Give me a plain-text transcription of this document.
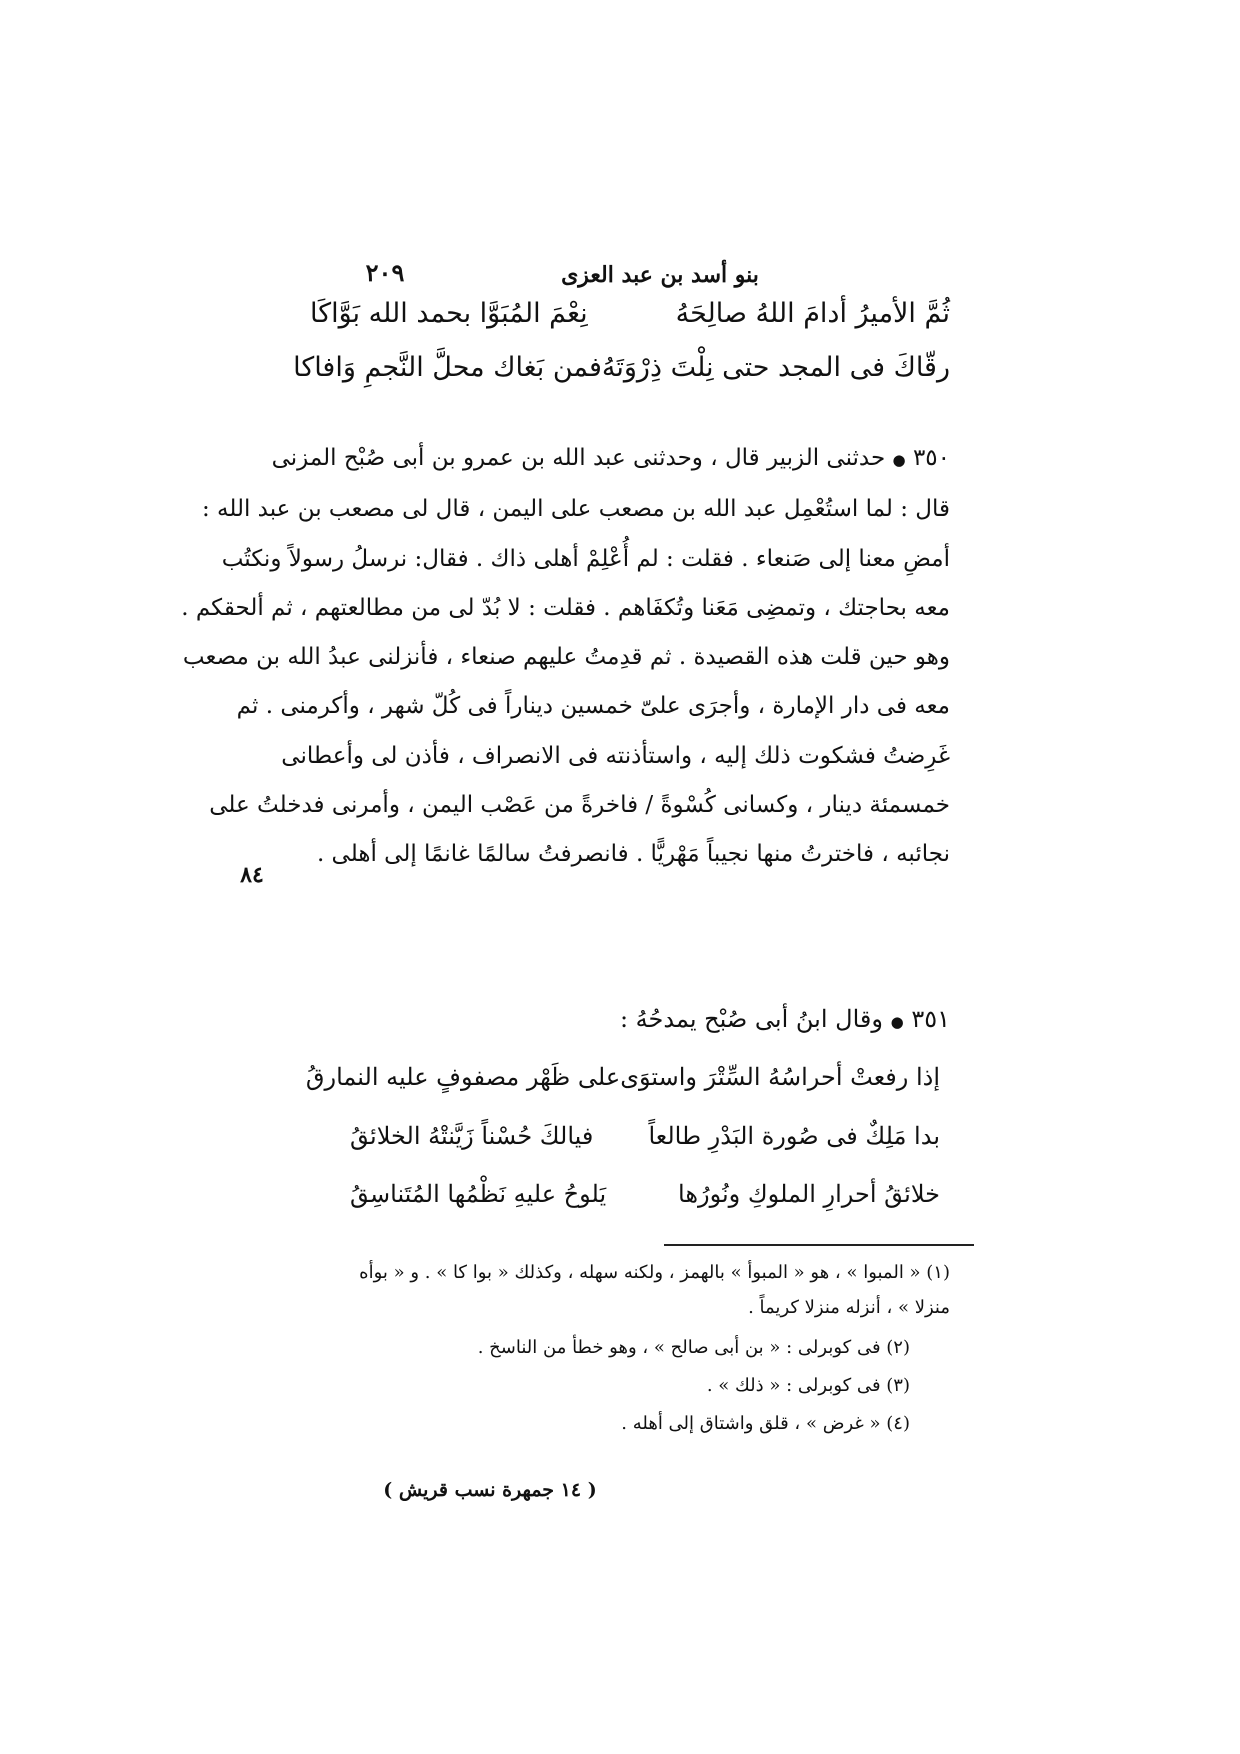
٢٠٩	بنو أسد بن عبد العزى
ثُمَّ الأميرُ أدامَ اللهُ صالِحَهُ
نِعْمَ المُبَوَّا بحمد الله بَوَّاكَا
رقّاكَ فى المجد حتى نِلْتَ ذِرْوَتَهُ
فمن بَغاك محلَّ النَّجمِ وَافاكا
٣٥٠ ● حدثنى الزبير قال ، وحدثنى عبد الله بن عمرو بن أبى صُبْح المزنى
قال : لما استُعْمِل عبد الله بن مصعب على اليمن ، قال لى مصعب بن عبد الله :
أمضِ معنا إلى صَنعاء . فقلت : لم أُعْلِمْ أهلى ذاك . فقال: نرسلُ رسولاً ونكتُب
معه بحاجتك ، وتمضِى مَعَنا وتُكفَاهم . فقلت : لا بُدّ لى من مطالعتهم ، ثم ألحقكم .
وهو حين قلت هذه القصيدة . ثم قدِمتُ عليهم صنعاء ، فأنزلنى عبدُ الله بن مصعب
معه فى دار الإمارة ، وأجرَى علىّ خمسين ديناراً فى كُلّ شهر ، وأكرمنى . ثم
غَرِضتُ فشكوت ذلك إليه ، واستأذنته فى الانصراف ، فأذن لى وأعطانى
خمسمئة دينار ، وكسانى كُسْوةً / فاخرةً من عَصْب اليمن ، وأمرنى فدخلتُ على
نجائبه ، فاخترتُ منها نجيباً مَهْريًّا . فانصرفتُ سالمًا غانمًا إلى أهلى .
٨٤
٣٥١ ● وقال ابنُ أبى صُبْح يمدحُهُ :
إذا رفعتْ أحراسُهُ السِّتْرَ واستوَى
على ظَهْر مصفوفٍ عليه النمارقُ
بدا مَلِكٌ فى صُورة البَدْرِ طالعاً
فيالكَ حُسْناً زَيَّنتْهُ الخلائقُ
خلائقُ أحرارِ الملوكِ ونُورُها
يَلوحُ عليهِ نَظْمُها المُتَناسِقُ
(١) « المبوا » ، هو « المبوأ » بالهمز ، ولكنه سهله ، وكذلك « بوا كا » . و « بوأه
منزلا » ، أنزله منزلا كريماً .
(٢) فى كوبرلى : « بن أبى صالح » ، وهو خطأ من الناسخ .
(٣) فى كوبرلى : « ذلك » .
(٤) « غرض » ، قلق واشتاق إلى أهله .
( ١٤ جمهرة نسب قريش )
